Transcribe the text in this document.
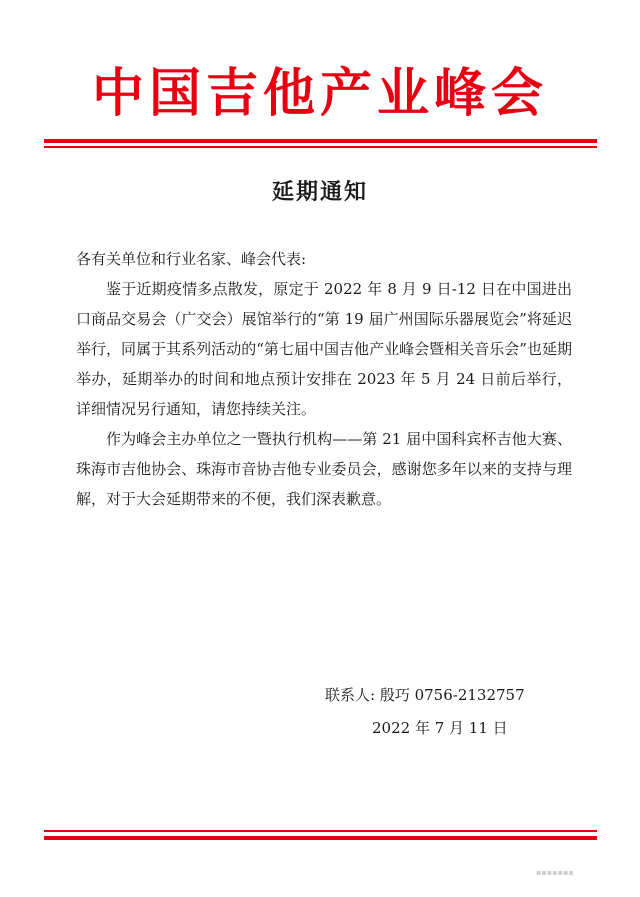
中国吉他产业峰会
延期通知

各有关单位和行业名家、峰会代表:

鉴于近期疫情多点散发，原定于 2022 年 8 月 9 日-12 日在中国进出口商品交易会（广交会）展馆举行的“第 19 届广州国际乐器展览会”将延迟举行，同属于其系列活动的“第七届中国吉他产业峰会暨相关音乐会”也延期举办，延期举办的时间和地点预计安排在 2023 年 5 月 24 日前后举行，详细情况另行通知，请您持续关注。

作为峰会主办单位之一暨执行机构——第 21 届中国科宾杯吉他大赛、珠海市吉他协会、珠海市音协吉他专业委员会，感谢您多年以来的支持与理解，对于大会延期带来的不便，我们深表歉意。

联系人: 殷巧 0756-2132757
2022 年 7 月 11 日
▪▪▪▪▪▪▪
